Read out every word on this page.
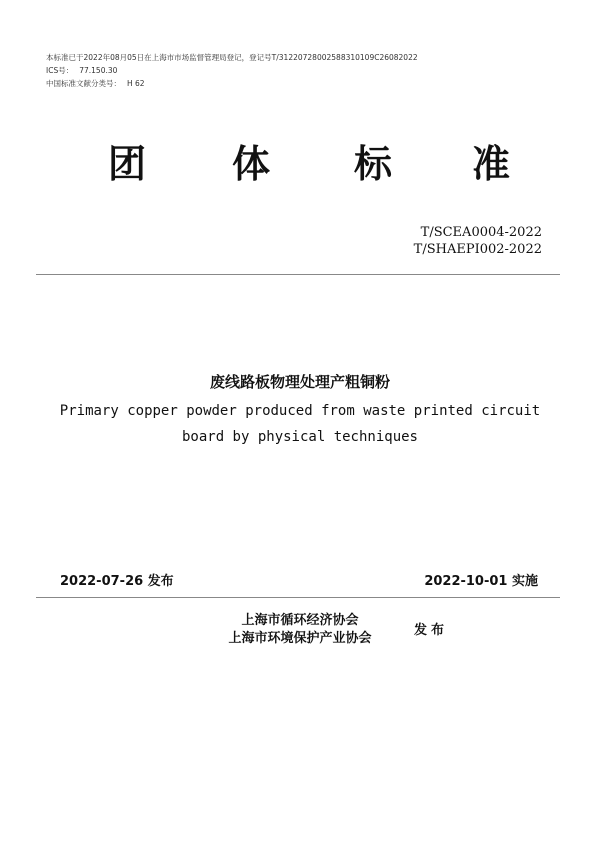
本标准已于2022年08月05日在上海市市场监督管理局登记，登记号T/31220728002588310109C26082022
ICS号： 77.150.30
中国标准文献分类号： H 62
团 体 标 准
T/SCEA0004-2022
T/SHAEPI002-2022
废线路板物理处理产粗铜粉
Primary copper powder produced from waste printed circuit
board by physical techniques
2022-07-26 发布	2022-10-01 实施
上海市循环经济协会
上海市环境保护产业协会
发布
